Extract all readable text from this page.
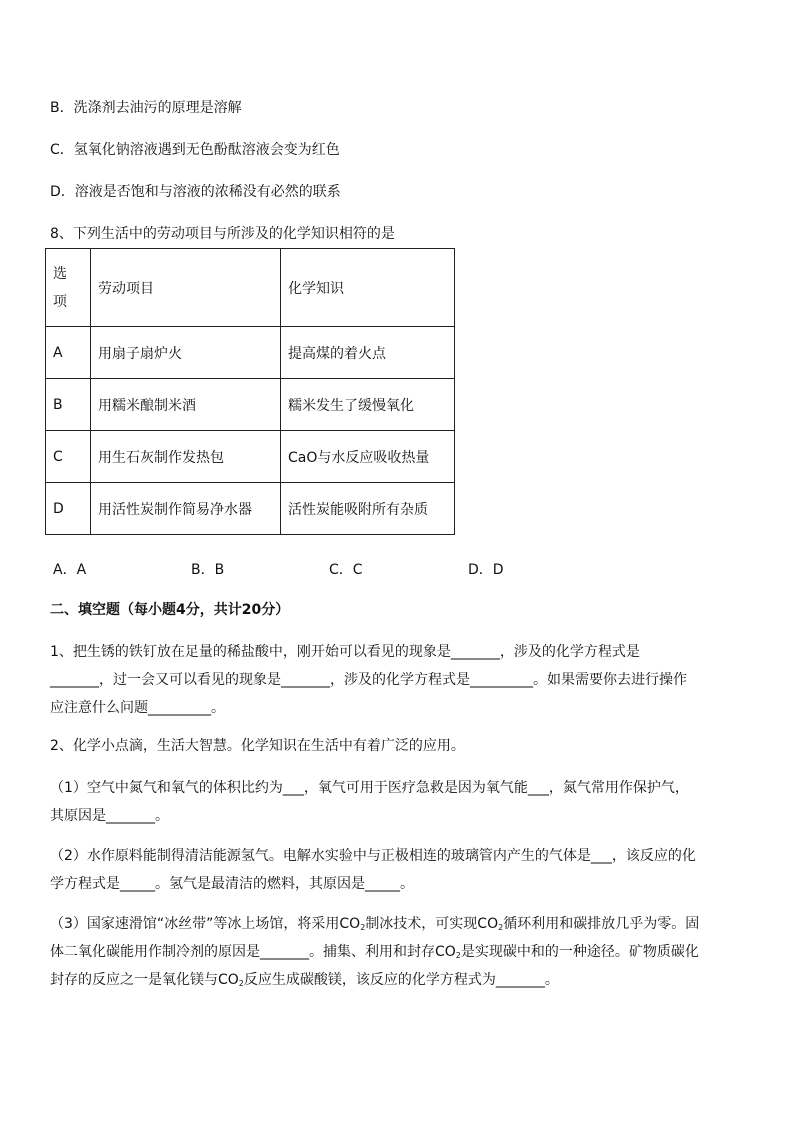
B．洗涤剂去油污的原理是溶解
C．氢氧化钠溶液遇到无色酚酞溶液会变为红色
D．溶液是否饱和与溶液的浓稀没有必然的联系
8、下列生活中的劳动项目与所涉及的化学知识相符的是
选
项	劳动项目	化学知识
A	用扇子扇炉火	提高煤的着火点
B	用糯米酿制米酒	糯米发生了缓慢氧化
C	用生石灰制作发热包	CaO与水反应吸收热量
D	用活性炭制作简易净水器	活性炭能吸附所有杂质
A．A	B．B	C．C	D．D
二、填空题（每小题4分，共计20分）
1、把生锈的铁钉放在足量的稀盐酸中，刚开始可以看见的现象是_______，涉及的化学方程式是
_______，过一会又可以看见的现象是_______，涉及的化学方程式是_________。如果需要你去进行操作
应注意什么问题_________。
2、化学小点滴，生活大智慧。化学知识在生活中有着广泛的应用。
（1）空气中氮气和氧气的体积比约为___，氧气可用于医疗急救是因为氧气能___，氮气常用作保护气，
其原因是_______。
（2）水作原料能制得清洁能源氢气。电解水实验中与正极相连的玻璃管内产生的气体是___，该反应的化
学方程式是_____。氢气是最清洁的燃料，其原因是_____。
（3）国家速滑馆“冰丝带”等冰上场馆，将采用$CO_2$制冰技术，可实现$CO_2$循环利用和碳排放几乎为零。固
体二氧化碳能用作制冷剂的原因是_______。捕集、利用和封存$CO_2$是实现碳中和的一种途径。矿物质碳化
封存的反应之一是氧化镁与$CO_2$反应生成碳酸镁，该反应的化学方程式为_______。
